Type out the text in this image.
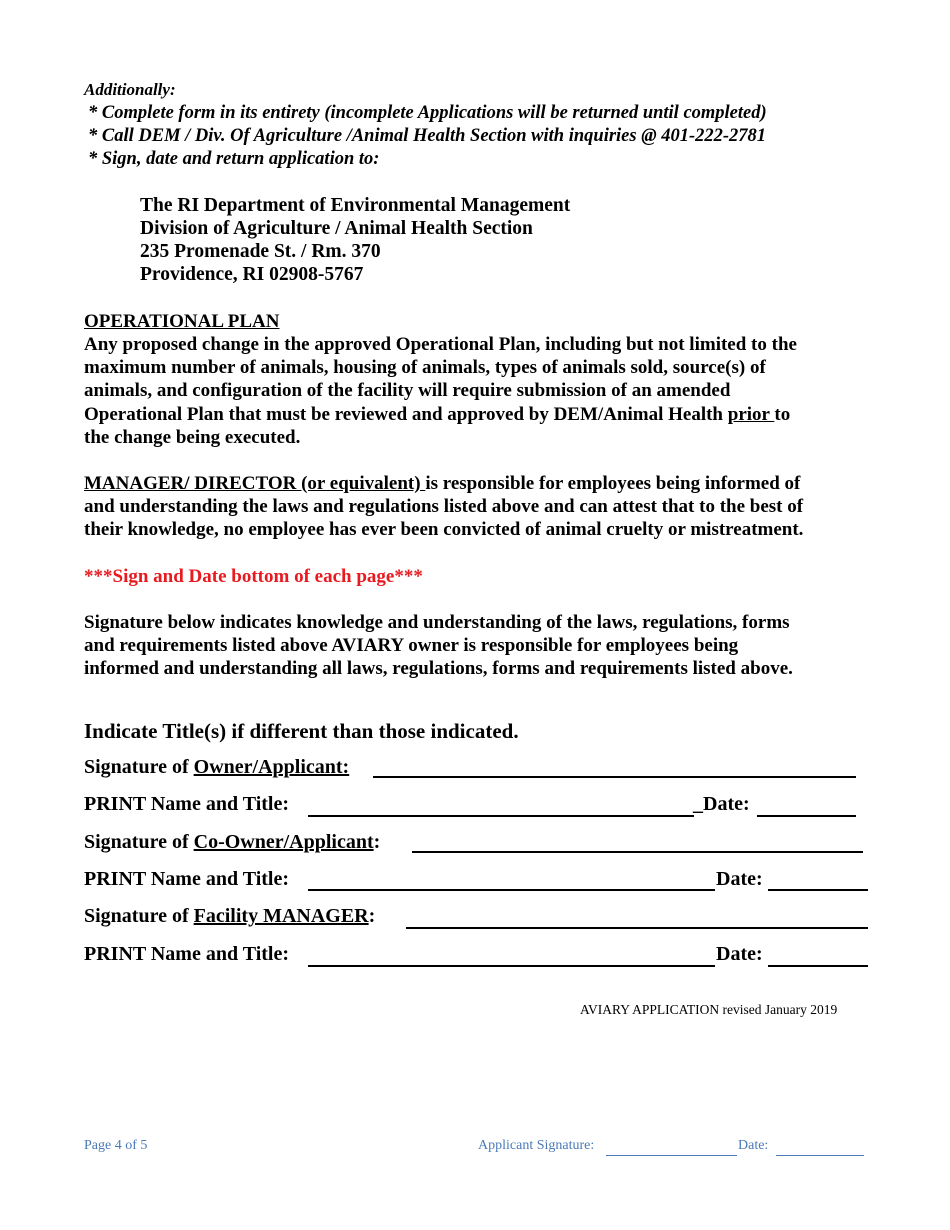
Additionally:
* Complete form in its entirety (incomplete Applications will be returned until completed)
* Call DEM / Div. Of Agriculture /Animal Health Section with inquiries @ 401-222-2781
* Sign, date and return application to:
The RI Department of Environmental Management
Division of Agriculture / Animal Health Section
235 Promenade St. / Rm. 370
Providence, RI 02908-5767
OPERATIONAL PLAN
Any proposed change in the approved Operational Plan, including but not limited to the
maximum number of animals, housing of animals, types of animals sold, source(s) of
animals, and configuration of the facility will require submission of an amended
Operational Plan that must be reviewed and approved by DEM/Animal Health prior to
the change being executed.
MANAGER/ DIRECTOR (or equivalent) is responsible for employees being informed of
and understanding the laws and regulations listed above and can attest that to the best of
their knowledge, no employee has ever been convicted of animal cruelty or mistreatment.
***Sign and Date bottom of each page***
Signature below indicates knowledge and understanding of the laws, regulations, forms
and requirements listed above AVIARY owner is responsible for employees being
informed and understanding all laws, regulations, forms and requirements listed above.
Indicate Title(s) if different than those indicated.
Signature of Owner/Applicant:
PRINT Name and Title:	_Date:
Signature of Co-Owner/Applicant:
PRINT Name and Title:	Date:
Signature of Facility MANAGER:
PRINT Name and Title:	Date:
AVIARY APPLICATION revised January 2019
Page 4 of 5	Applicant Signature:	Date:
